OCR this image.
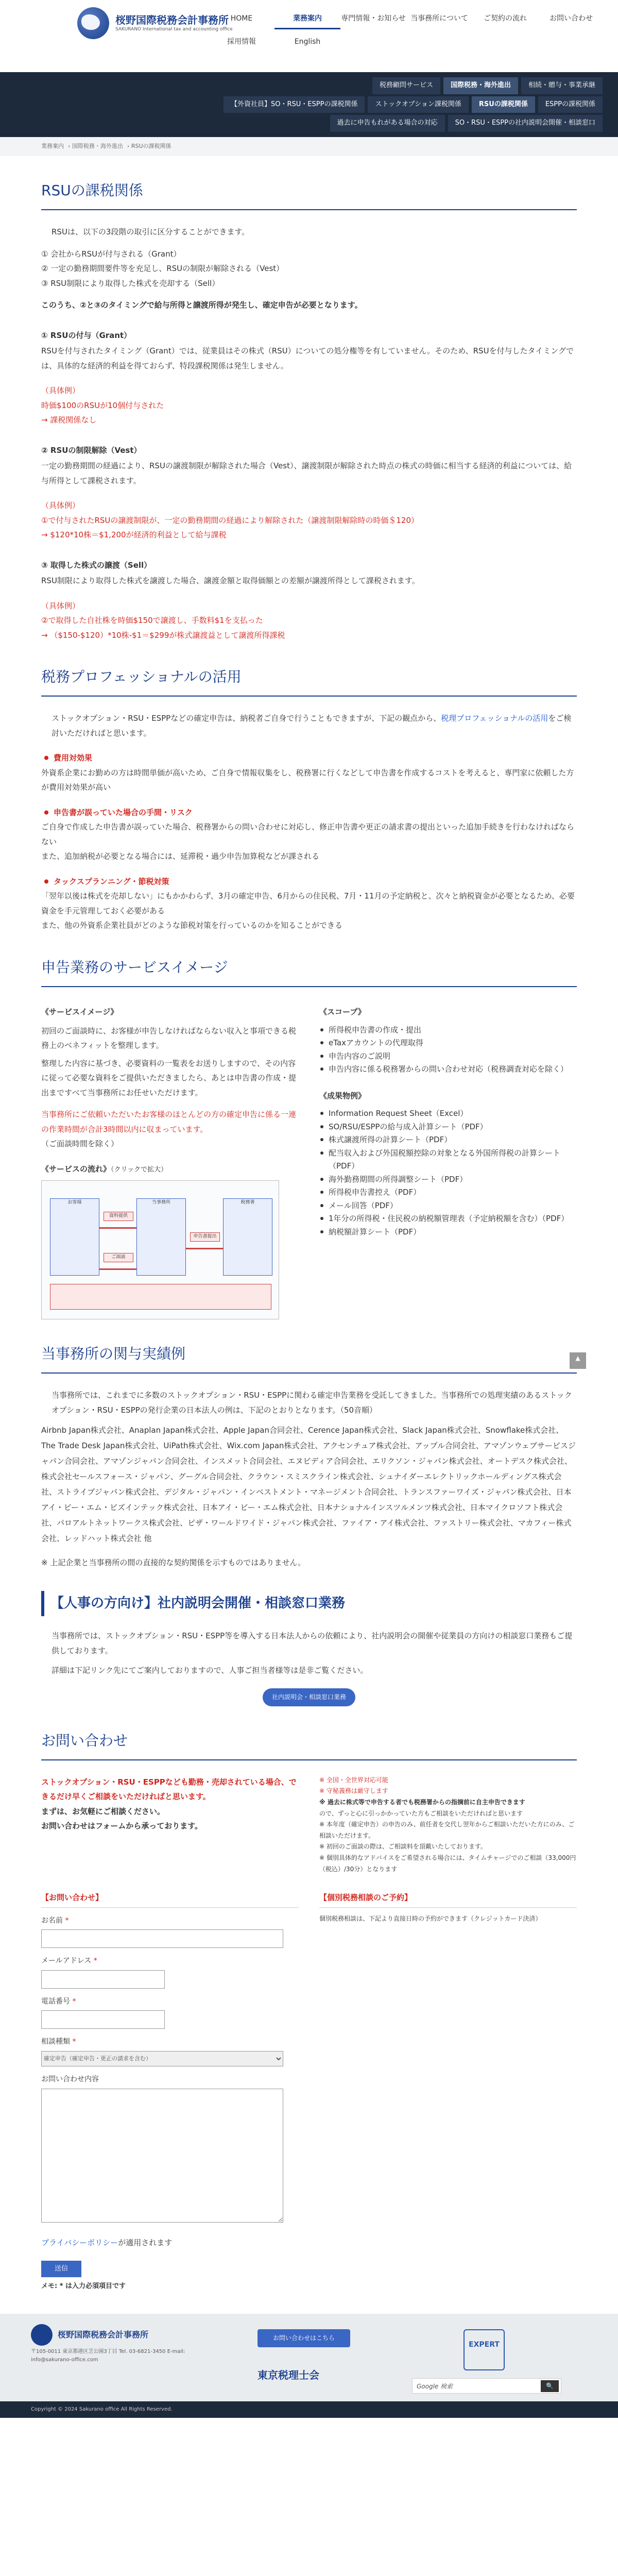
桜野国際税務会計事務所
SAKURANO International tax and accounting office
HOME	業務案内	専門情報・お知らせ 当事務所について	ご契約の流れ	お問い合わせ
採用情報	English
税務顧問サービス	国際税務・海外進出	相続・贈与・事業承継
【外資社員】SO・RSU・ESPPの課税関係	ストックオプション課税関係	RSUの課税関係	ESPPの課税関係
過去に申告もれがある場合の対応	SO・RSU・ESPPの社内説明会開催・相談窓口
業務案内 › 国際税務・海外進出 › RSUの課税関係
RSUの課税関係

RSUは、以下の3段階の取引に区分することができます。

① 会社からRSUが付与される（Grant）
② 一定の勤務期間要件等を充足し、RSUの制限が解除される（Vest）
③ RSU制限により取得した株式を売却する（Sell）
このうち、②と③のタイミングで給与所得と譲渡所得が発生し、確定申告が必要となります。
① RSUの付与（Grant）
RSUを付与されたタイミング（Grant）では、従業員はその株式（RSU）についての処分権等を有していません。そのため、RSUを付与したタイミングでは、具体的な経済的利益を得ておらず、特段課税関係は発生しません。
（具体例）
時価$100のRSUが10個付与された
→ 課税関係なし
② RSUの制限解除（Vest）
一定の勤務期間の経過により、RSUの譲渡制限が解除された場合（Vest）、譲渡制限が解除された時点の株式の時価に相当する経済的利益については、給与所得として課税されます。
（具体例）
①で付与されたRSUの譲渡制限が、一定の勤務期間の経過により解除された（譲渡制限解除時の時価＄120）
→ $120*10株＝$1,200が経済的利益として給与課税
③ 取得した株式の譲渡（Sell）
RSU制限により取得した株式を譲渡した場合、譲渡金額と取得価額との差額が譲渡所得として課税されます。
（具体例）
②で取得した自社株を時価$150で譲渡し、手数料$1を支払った
→ （$150-$120）*10株-$1＝$299が株式譲渡益として譲渡所得課税
税務プロフェッショナルの活用

ストックオプション・RSU・ESPPなどの確定申告は、納税者ご自身で行うこともできますが、下記の観点から、税理プロフェッショナルの活用をご検討いただければと思います。

費用対効果
外資系企業にお勤めの方は時間単価が高いため、ご自身で情報収集をし、税務署に行くなどして申告書を作成するコストを考えると、専門家に依頼した方が費用対効果が高い
申告書が誤っていた場合の手間・リスク
ご自身で作成した申告書が誤っていた場合、税務署からの問い合わせに対応し、修正申告書や更正の請求書の提出といった追加手続きを行わなければならない
また、追加納税が必要となる場合には、延滞税・過少申告加算税などが課される
タックスプランニング・節税対策
「翌年以後は株式を売却しない」にもかかわらず、3月の確定申告、6月からの住民税、7月・11月の予定納税と、次々と納税資金が必要となるため、必要資金を手元管理しておく必要がある
また、他の外資系企業社員がどのような節税対策を行っているのかを知ることができる
申告業務のサービスイメージ
《サービスイメージ》

初回のご面談時に、お客様が申告しなければならない収入と事項できる税務上のベネフィットを整理します。

整理した内容に基づき、必要資料の一覧表をお送りしますので、その内容に従って必要な資料をご提供いただきましたら、あとは申告書の作成・提出まですべて当事務所にお任せいただけます。

当事務所にご依頼いただいたお客様のほとんどの方の確定申告に係る一連の作業時間が合計3時間以内に収まっています。

（ご面談時間を除く）

《サービスの流れ》（クリックで拡大）
お客様	当事務所	税務署
資料提供
申告書提出
ご面談
《スコープ》
所得税申告書の作成・提出
eTaxアカウントの代理取得
申告内容のご説明
申告内容に係る税務署からの問い合わせ対応（税務調査対応を除く）
《成果物例》
Information Request Sheet（Excel）
SO/RSU/ESPPの給与成入計算シート（PDF）
株式譲渡所得の計算シート（PDF）
配当収入および外国税額控除の対象となる外国所得税の計算シート（PDF）
海外勤務期間の所得調整シート（PDF）
所得税申告書控え（PDF）
メール回答（PDF）
1年分の所得税・住民税の納税額管理表（予定納税額を含む）（PDF）
納税額計算シート（PDF）
当事務所の関与実績例

当事務所では、これまでに多数のストックオプション・RSU・ESPPに関わる確定申告業務を受託してきました。当事務所での処理実績のあるストックオプション・RSU・ESPPの発行企業の日本法人の例は、下記のとおりとなります。（50音順）

Airbnb Japan株式会社、Anaplan Japan株式会社、Apple Japan合同会社、Cerence Japan株式会社、Slack Japan株式会社、Snowflake株式会社、The Trade Desk Japan株式会社、UiPath株式会社、Wix.com Japan株式会社、アクセンチュア株式会社、アップル合同会社、アマゾンウェブサービスジャパン合同会社、アマゾンジャパン合同会社、インスメット合同会社、エヌビディア合同会社、エリクソン・ジャパン株式会社、オートデスク株式会社、株式会社セールスフォース・ジャパン、グーグル合同会社、クラウン・スミスクライン株式会社、シュナイダーエレクトリックホールディングス株式会社、ストライプジャパン株式会社、デジタル・ジャパン・インベストメント・マネージメント合同会社、トランスファーワイズ・ジャパン株式会社、日本アイ・ビー・エム・ビズインテック株式会社、日本アイ・ビー・エム株式会社、日本ナショナルインスツルメンツ株式会社、日本マイクロソフト株式会社、パロアルトネットワークス株式会社、ピザ・ワールドワイド・ジャパン株式会社、ファイア・アイ株式会社、ファストリー株式会社、マカフィー株式会社、レッドハット株式会社 他

※ 上記企業と当事務所の間の直接的な契約関係を示すものではありません。

【人事の方向け】社内説明会開催・相談窓口業務

当事務所では、ストックオプション・RSU・ESPP等を導入する日本法人からの依頼により、社内説明会の開催や従業員の方向けの相談窓口業務もご提供しております。

詳細は下記リンク先にてご案内しておりますので、人事ご担当者様等は是非ご覧ください。

社内説明会・相談窓口業務
お問い合わせ
ストックオプション・RSU・ESPPなども勤務・売却されている場合、できるだけ早くご相談をいただければと思います。
まずは、お気軽にご相談ください。
お問い合わせはフォームから承っております。
※ 全国・全世界対応可能
※ 守秘義務は厳守します
※ 過去に株式等で申告する者でも税務署からの指摘前に自主申告できます
ので、ずっと心に引っかかっていた方もご相談をいただければと思います
※ 本年度（確定申告）の申告のみ、前任者を交代し翌年からご相談いただいた方にのみ、ご相談いただけます。
※ 初回のご面談の際は、ご相談料を頂戴いたしております。
※ 個別具体的なアドバイスをご希望される場合には、タイムチャージでのご相談（33,000円（税込）/30分）となります
【お問い合わせ】
お名前 *
メールアドレス *
電話番号 *
相談種類 *
確定申告（確定申告・更正の請求を含む）
お問い合わせ内容

プライバシーポリシーが適用されます

送信

メモ: * は入力必須項目です

【個別税務相談のご予約】

個別税務相談は、下記より直接日時の予約ができます（クレジットカード決済）

▲
桜野国際税務会計事務所
〒105-0011 東京都港区芝公園3丁目 Tel. 03-6821-3450 E-mail: info@sakurano-office.com
お問い合わせはこちら
東京税理士会
EXPERT
🔍
Google 検索
Copyright © 2024 Sakurano office All Rights Reserved.
